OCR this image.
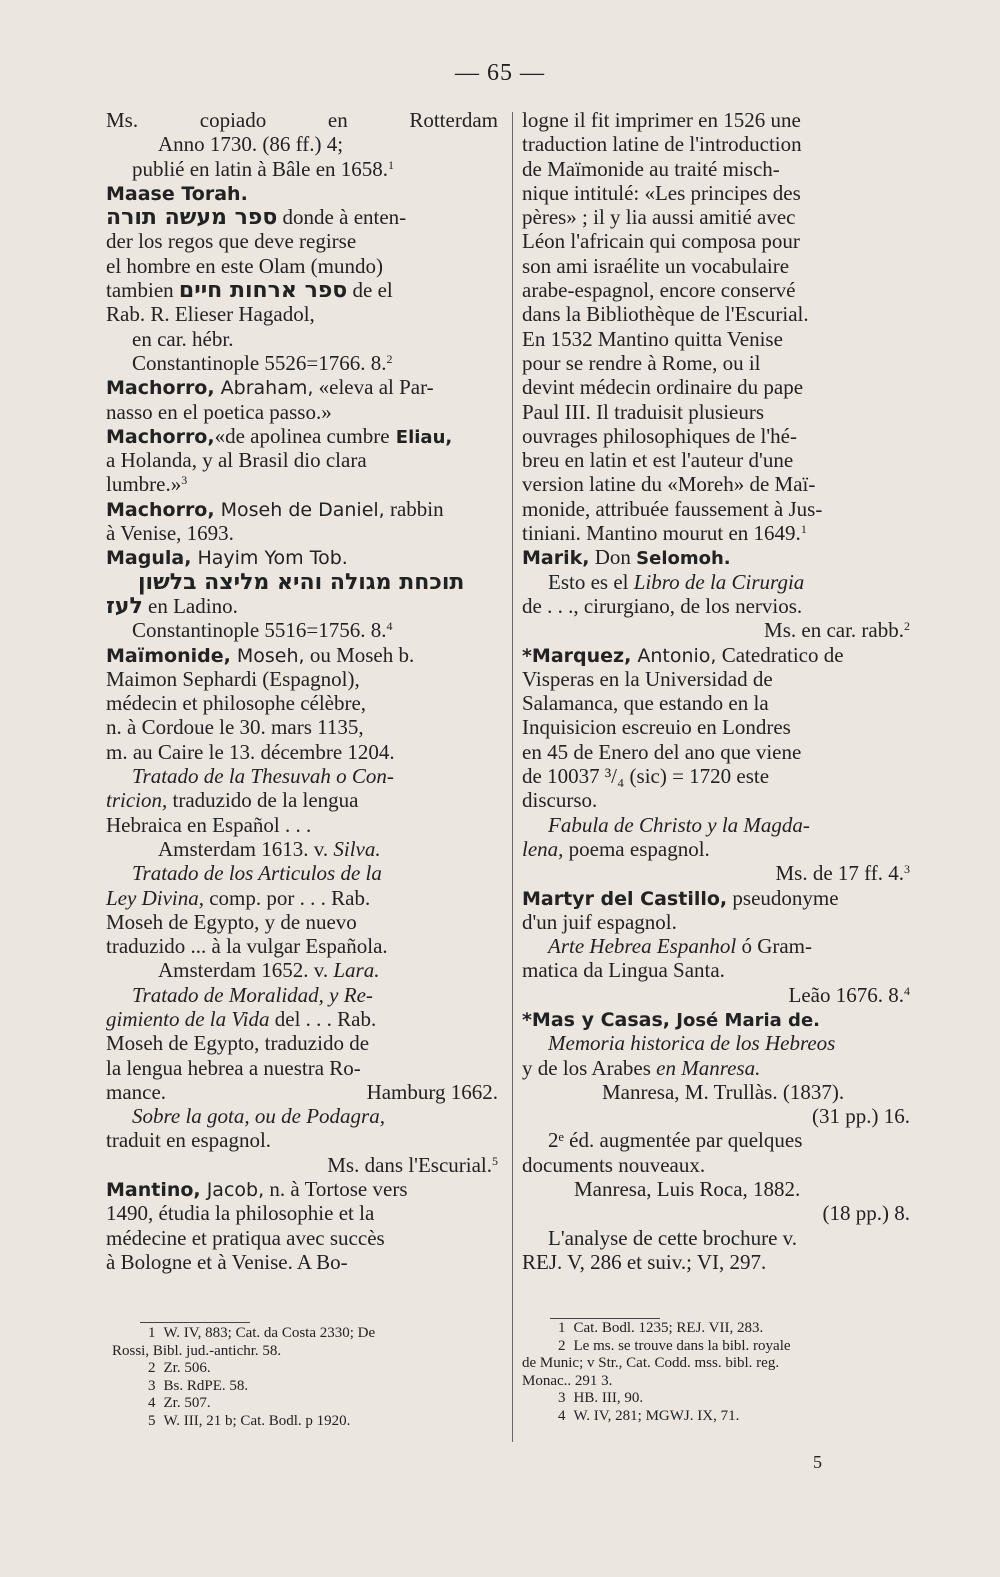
— 65 —
Ms.	copiado	en	Rotterdam
Anno 1730. (86 ff.) 4;
publié en latin à Bâle en 1658.$^1$
Maase Torah.
ספר מעשה תורה donde à enten-
der los regos que deve regirse
el hombre en este Olam (mundo)
tambien ספר ארחות חיים de el
Rab. R. Elieser Hagadol,
en car. hébr.
Constantinople 5526=1766. 8.$^2$
Machorro, Abraham, «eleva al Par-
nasso en el poetica passo.»
Machorro,«de apolinea cumbre Eliau,
a Holanda, y al Brasil dio clara
lumbre.»$^3$
Machorro, Moseh de Daniel, rabbin
à Venise, 1693.
Magula, Hayim Yom Tob.
תוכחת מגולה והיא מליצה בלשון
לעז en Ladino.
Constantinople 5516=1756. 8.$^4$
Maïmonide, Moseh, ou Moseh b.
Maimon Sephardi (Espagnol),
médecin et philosophe célèbre,
n. à Cordoue le 30. mars 1135,
m. au Caire le 13. décembre 1204.
Tratado de la Thesuvah o Con-
tricion, traduzido de la lengua
Hebraica en Español . . .
Amsterdam 1613. v. Silva.
Tratado de los Articulos de la
Ley Divina, comp. por . . . Rab.
Moseh de Egypto, y de nuevo
traduzido ... à la vulgar Española.
Amsterdam 1652. v. Lara.
Tratado de Moralidad, y Re-
gimiento de la Vida del . . . Rab.
Moseh de Egypto, traduzido de
la lengua hebrea a nuestra Ro-
mance.	Hamburg 1662.
Sobre la gota, ou de Podagra,
traduit en espagnol.
Ms. dans l'Escurial.$^5$
Mantino, Jacob, n. à Tortose vers
1490, étudia la philosophie et la
médecine et pratiqua avec succès
à Bologne et à Venise. A Bo-
logne il fit imprimer en 1526 une
traduction latine de l'introduction
de Maïmonide au traité misch-
nique intitulé: «Les principes des
pères» ; il y lia aussi amitié avec
Léon l'africain qui composa pour
son ami israélite un vocabulaire
arabe-espagnol, encore conservé
dans la Bibliothèque de l'Escurial.
En 1532 Mantino quitta Venise
pour se rendre à Rome, ou il
devint médecin ordinaire du pape
Paul III. Il traduisit plusieurs
ouvrages philosophiques de l'hé-
breu en latin et est l'auteur d'une
version latine du «Moreh» de Maï-
monide, attribuée faussement à Jus-
tiniani. Mantino mourut en 1649.$^1$
Marik, Don Selomoh.
Esto es el Libro de la Cirurgia
de . . ., cirurgiano, de los nervios.
Ms. en car. rabb.$^2$
*Marquez, Antonio, Catedratico de
Visperas en la Universidad de
Salamanca, que estando en la
Inquisicion escreuio en Londres
en 45 de Enero del ano que viene
de 10037 ³/₄ (sic) = 1720 este
discurso.
Fabula de Christo y la Magda-
lena, poema espagnol.
Ms. de 17 ff. 4.$^3$
Martyr del Castillo, pseudonyme
d'un juif espagnol.
Arte Hebrea Espanhol ó Gram-
matica da Lingua Santa.
Leão 1676. 8.$^4$
*Mas y Casas, José Maria de.
Memoria historica de los Hebreos
y de los Arabes en Manresa.
Manresa, M. Trullàs. (1837).
(31 pp.) 16.
2ᵉ éd. augmentée par quelques
documents nouveaux.
Manresa, Luis Roca, 1882.
(18 pp.) 8.
L'analyse de cette brochure v.
REJ. V, 286 et suiv.; VI, 297.
1 W. IV, 883; Cat. da Costa 2330; De
Rossi, Bibl. jud.-antichr. 58.
2 Zr. 506.
3 Bs. RdPE. 58.
4 Zr. 507.
5 W. III, 21 b; Cat. Bodl. p 1920.
1 Cat. Bodl. 1235; REJ. VII, 283.
2 Le ms. se trouve dans la bibl. royale
de Munic; v Str., Cat. Codd. mss. bibl. reg.
Monac.. 291 3.
3 HB. III, 90.
4 W. IV, 281; MGWJ. IX, 71.
5
